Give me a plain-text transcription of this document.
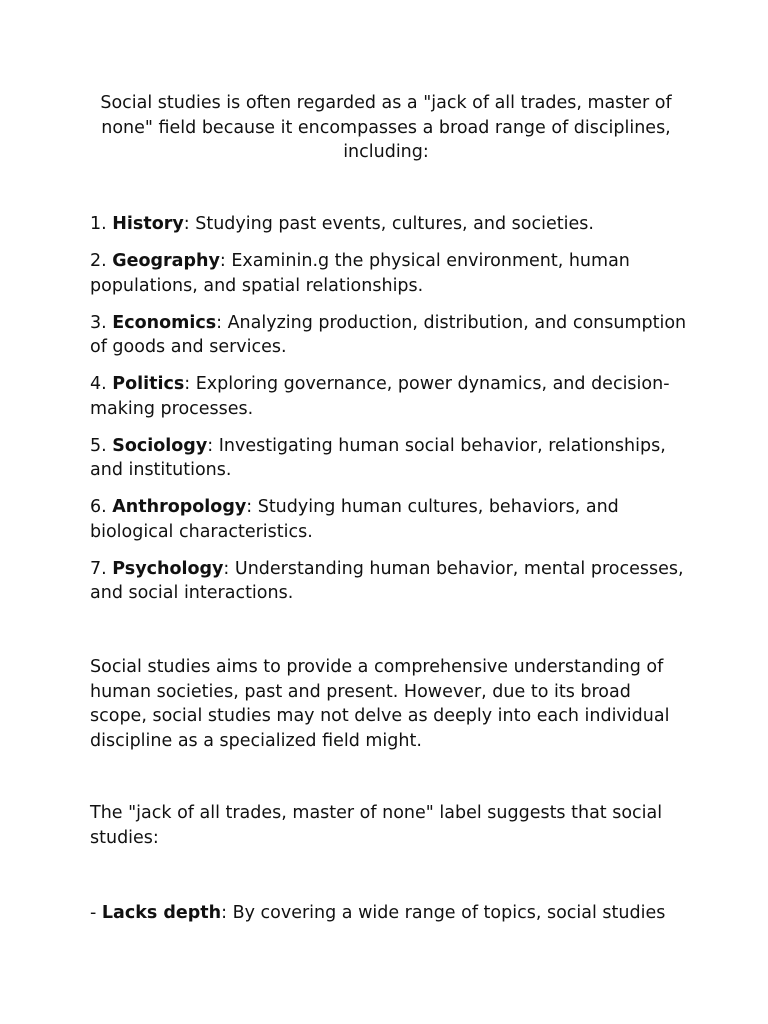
Social studies is often regarded as a "jack of all trades, master of none" field because it encompasses a broad range of disciplines, including:

1. History: Studying past events, cultures, and societies.
2. Geography: Examinin.g the physical environment, human populations, and spatial relationships.
3. Economics: Analyzing production, distribution, and consumption of goods and services.
4. Politics: Exploring governance, power dynamics, and decision-making processes.
5. Sociology: Investigating human social behavior, relationships, and institutions.
6. Anthropology: Studying human cultures, behaviors, and biological characteristics.
7. Psychology: Understanding human behavior, mental processes, and social interactions.

Social studies aims to provide a comprehensive understanding of human societies, past and present. However, due to its broad scope, social studies may not delve as deeply into each individual discipline as a specialized field might.

The "jack of all trades, master of none" label suggests that social studies:

- Lacks depth: By covering a wide range of topics, social studies
